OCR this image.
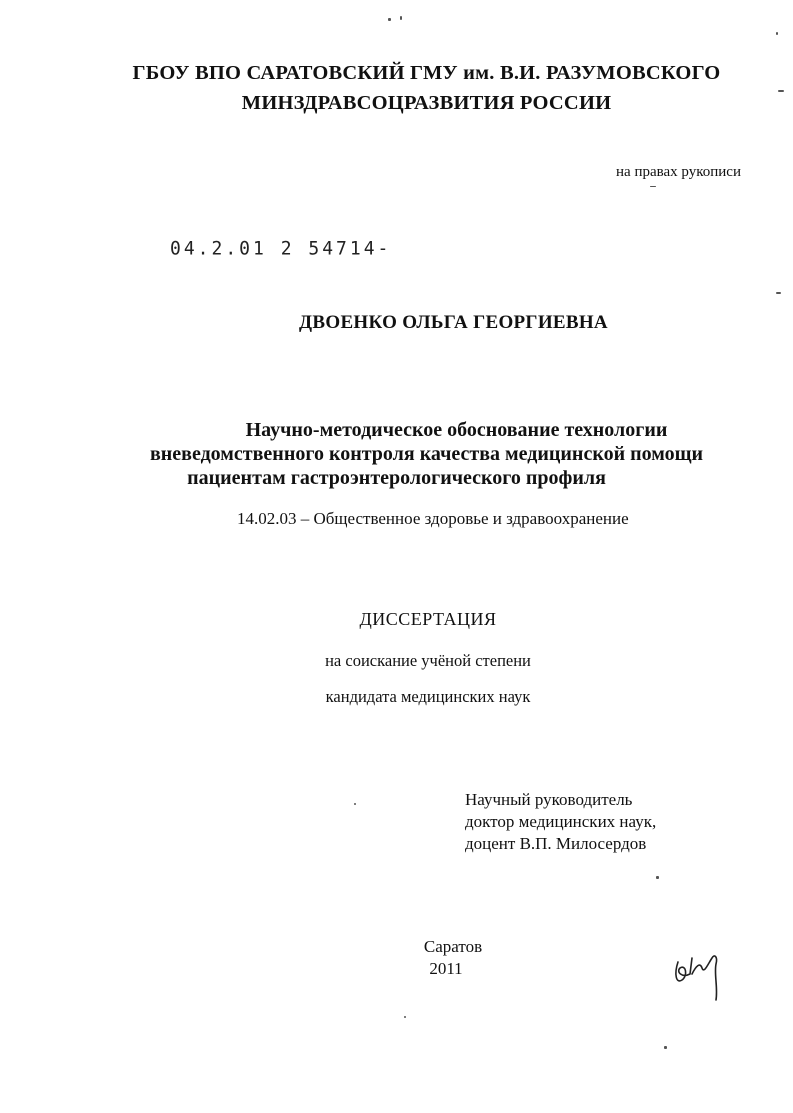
ГБОУ ВПО САРАТОВСКИЙ ГМУ им. В.И. РАЗУМОВСКОГО
МИНЗДРАВСОЦРАЗВИТИЯ РОССИИ
на правах рукописи
04.2.01 2 54714-
ДВОЕНКО ОЛЬГА ГЕОРГИЕВНА
Научно-методическое обоснование технологии
вневедомственного контроля качества медицинской помощи
пациентам гастроэнтерологического профиля
14.02.03 – Общественное здоровье и здравоохранение
ДИССЕРТАЦИЯ
на соискание учёной степени
кандидата медицинских наук
Научный руководитель
доктор медицинских наук,
доцент В.П. Милосердов
Саратов
2011
